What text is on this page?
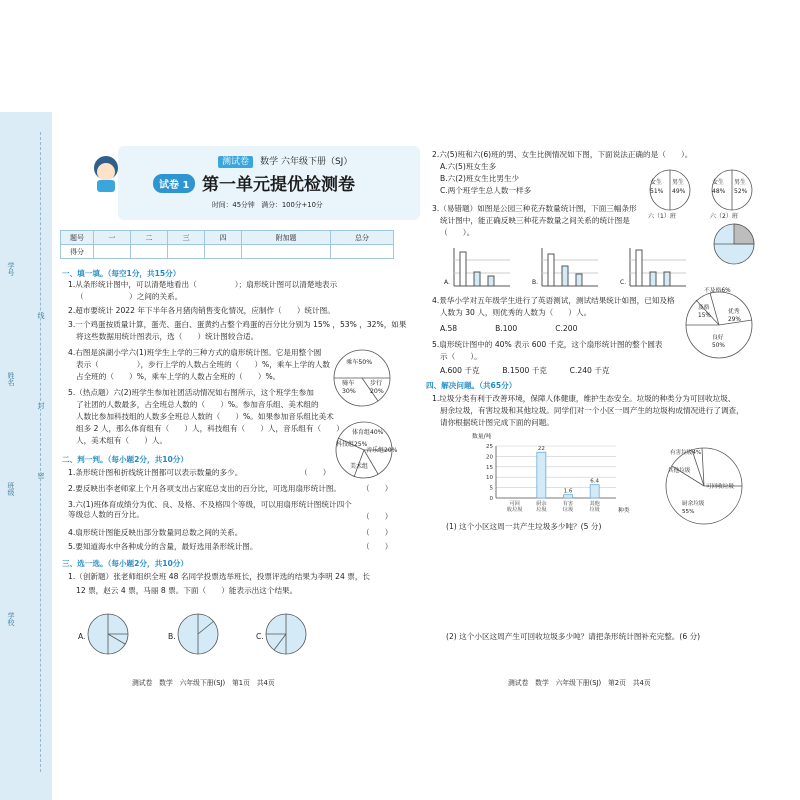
学号
姓名
班级
学校
线
封
密
测试卷 数学 六年级下册（SJ）
试卷 1 第一单元提优检测卷
时间：45分钟　满分：100分+10分
题号	一	二	三	四	附加题	总分
得分						
一、填一填。（每空1分，共15分）
1.从条形统计图中，可以清楚地看出（　　　　　）；扇形统计图可以清楚地表示
（　　　　　　）之间的关系。
2.超市要统计 2022 年下半年各月猪肉销售变化情况，应制作（　　）统计图。
3.一个鸡蛋按质量计算，蛋壳、蛋白、蛋黄约占整个鸡蛋的百分比分别为 15% ，53% ，32%，如果
将这些数据用统计图表示，选（　　）统计图较合适。
4.右图是滨湖小学六(1)班学生上学的三种方式的扇形统计图。它是用整个圆
表示（　　　　　），步行上学的人数占全班的（　　）%，乘车上学的人数
占全班的（　　）%，乘车上学的人数占全班的（　　）%。
5.（热点题）六(2)班学生参加社团活动情况如右图所示，这个班学生参加
了社团的人数最多，占全班总人数的（　　）%。参加音乐组、美术组的
人数比参加科技组的人数多全班总人数的（　　）%。如果参加音乐组比美术
组多 2 人，那么体育组有（　　）人，科技组有（　　）人，音乐组有（　　）
人，美术组有（　　）人。
乘车50%
骑车30%
步行20%
体育组40%
科技组25%
音乐组20%
美术组
二、判一判。（每小题2分，共10分）
1.条形统计图和折线统计图都可以表示数量的多少。
2.要反映出李老师家上个月各项支出占家庭总支出的百分比，可选用扇形统计图。
3.六(1)班体育成绩分为优、良、及格、不及格四个等级，可以用扇形统计图统计四个等级总人数的百分比。
4.扇形统计图能反映出部分数量同总数之间的关系。
5.要知道海水中各种成分的含量，最好选用条形统计图。
（　　）
（　　）
（　　）
（　　）
（　　）
三、选一选。（每小题2分，共10分）
1.（创新题）张老师组织全班 48 名同学投票选举班长，投票评选的结果为李明 24 票，长
12 票，赵云 4 票，马丽 8 票。下面（　　）能表示出这个结果。
A.	B.	C.
测试卷　数学　六年级下册(SJ)　第1页　共4页
2.六(5)班和六(6)班的男、女生比例情况如下图，下面说法正确的是（　　）。
A.六(5)班女生多
B.六(2)班女生比男生少
C.两个班学生总人数一样多
女生 51%
男生 49%
六（1）班
女生 48%
男生 52%
六（2）班
3.（易错题）如图是公园三种花卉数量统计图，下面三幅条形
统计图中，能正确反映三种花卉数量之间关系的统计图是
（　　）。
A.	B.	C.
4.景华小学对五年级学生进行了英语测试，测试结果统计如图，已知及格
人数为 30 人，则优秀的人数为（　　）人。
A.58　　　　　B.100　　　　　C.200
不及格6%
及格15%
优秀29%
良好50%
5.扇形统计图中的 40% 表示 600 千克，这个扇形统计图的整个圆表
示（　　）。
A.600 千克　　　B.1500 千克　　　C.240 千克
四、解决问题。（共65分）
1.垃圾分类有利于改善环境，保障人体健康，维护生态安全。垃圾的种类分为可回收垃圾、
厨余垃圾，有害垃圾和其他垃圾。同学们对一个小区一周产生的垃圾构成情况进行了调查，
请你根据统计图完成下面的问题。
0
5
10
15
20
25
可回
收垃圾
22
厨余
垃圾
1.6
有害
垃圾
6.4
其他
垃圾
数量/吨
种类
有害垃圾4%
其他垃圾
可回收垃圾
厨余垃圾55%
(1) 这个小区这周一共产生垃圾多少吨？(5 分)
(2) 这个小区这周产生可回收垃圾多少吨？请把条形统计图补充完整。(6 分)
测试卷　数学　六年级下册(SJ)　第2页　共4页
